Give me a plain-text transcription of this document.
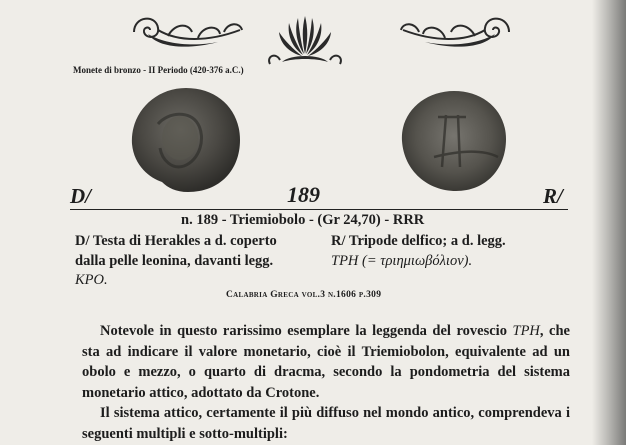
Monete di bronzo - II Periodo (420-376 a.C.)
D/	189	R/
n. 189 - Triemiobolo - (Gr 24,70) - RRR
D/ Testa di Herakles a d. coperto
dalla pelle leonina, davanti legg.
KPO.
R/ Tripode delfico; a d. legg.
TPH (= τριημιωβόλιον).
Calabria Greca vol.3 n.1606 p.309
Notevole in questo rarissimo esemplare la leggenda del rovescio TPH, che sta ad indicare il valore monetario, cioè il Triemiobolon, equivalente ad un obolo e mezzo, o quarto di dracma, secondo la pondometria del sistema monetario attico, adottato da Crotone.
Il sistema attico, certamente il più diffuso nel mondo antico, comprendeva i seguenti multipli e sotto-multipli:
